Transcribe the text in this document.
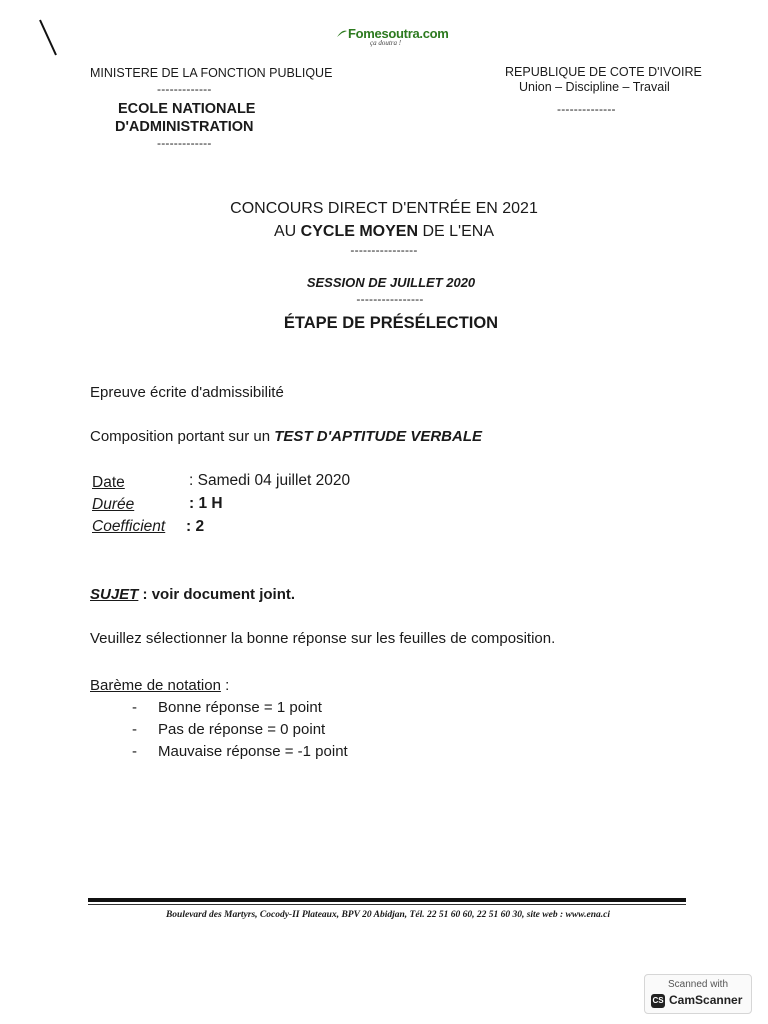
Fomesoutra.com
ça doutra !
MINISTERE DE LA FONCTION PUBLIQUE
-------------
ECOLE NATIONALE
D'ADMINISTRATION
-------------
REPUBLIQUE DE COTE D'IVOIRE
Union – Discipline – Travail
--------------
CONCOURS DIRECT D'ENTRÉE EN 2021
AU CYCLE MOYEN DE L'ENA
----------------
SESSION DE JUILLET 2020
----------------
ÉTAPE DE PRÉSÉLECTION
Epreuve écrite d'admissibilité
Composition portant sur un TEST D'APTITUDE VERBALE
Date	: Samedi 04 juillet 2020
Durée	: 1 H
Coefficient : 2
SUJET : voir document joint.
Veuillez sélectionner la bonne réponse sur les feuilles de composition.
Barème de notation :
- Bonne réponse = 1 point
- Pas de réponse = 0 point
- Mauvaise réponse = -1 point
Boulevard des Martyrs, Cocody-II Plateaux, BPV 20 Abidjan, Tél. 22 51 60 60, 22 51 60 30, site web : www.ena.ci
Scanned with
CS CamScanner
